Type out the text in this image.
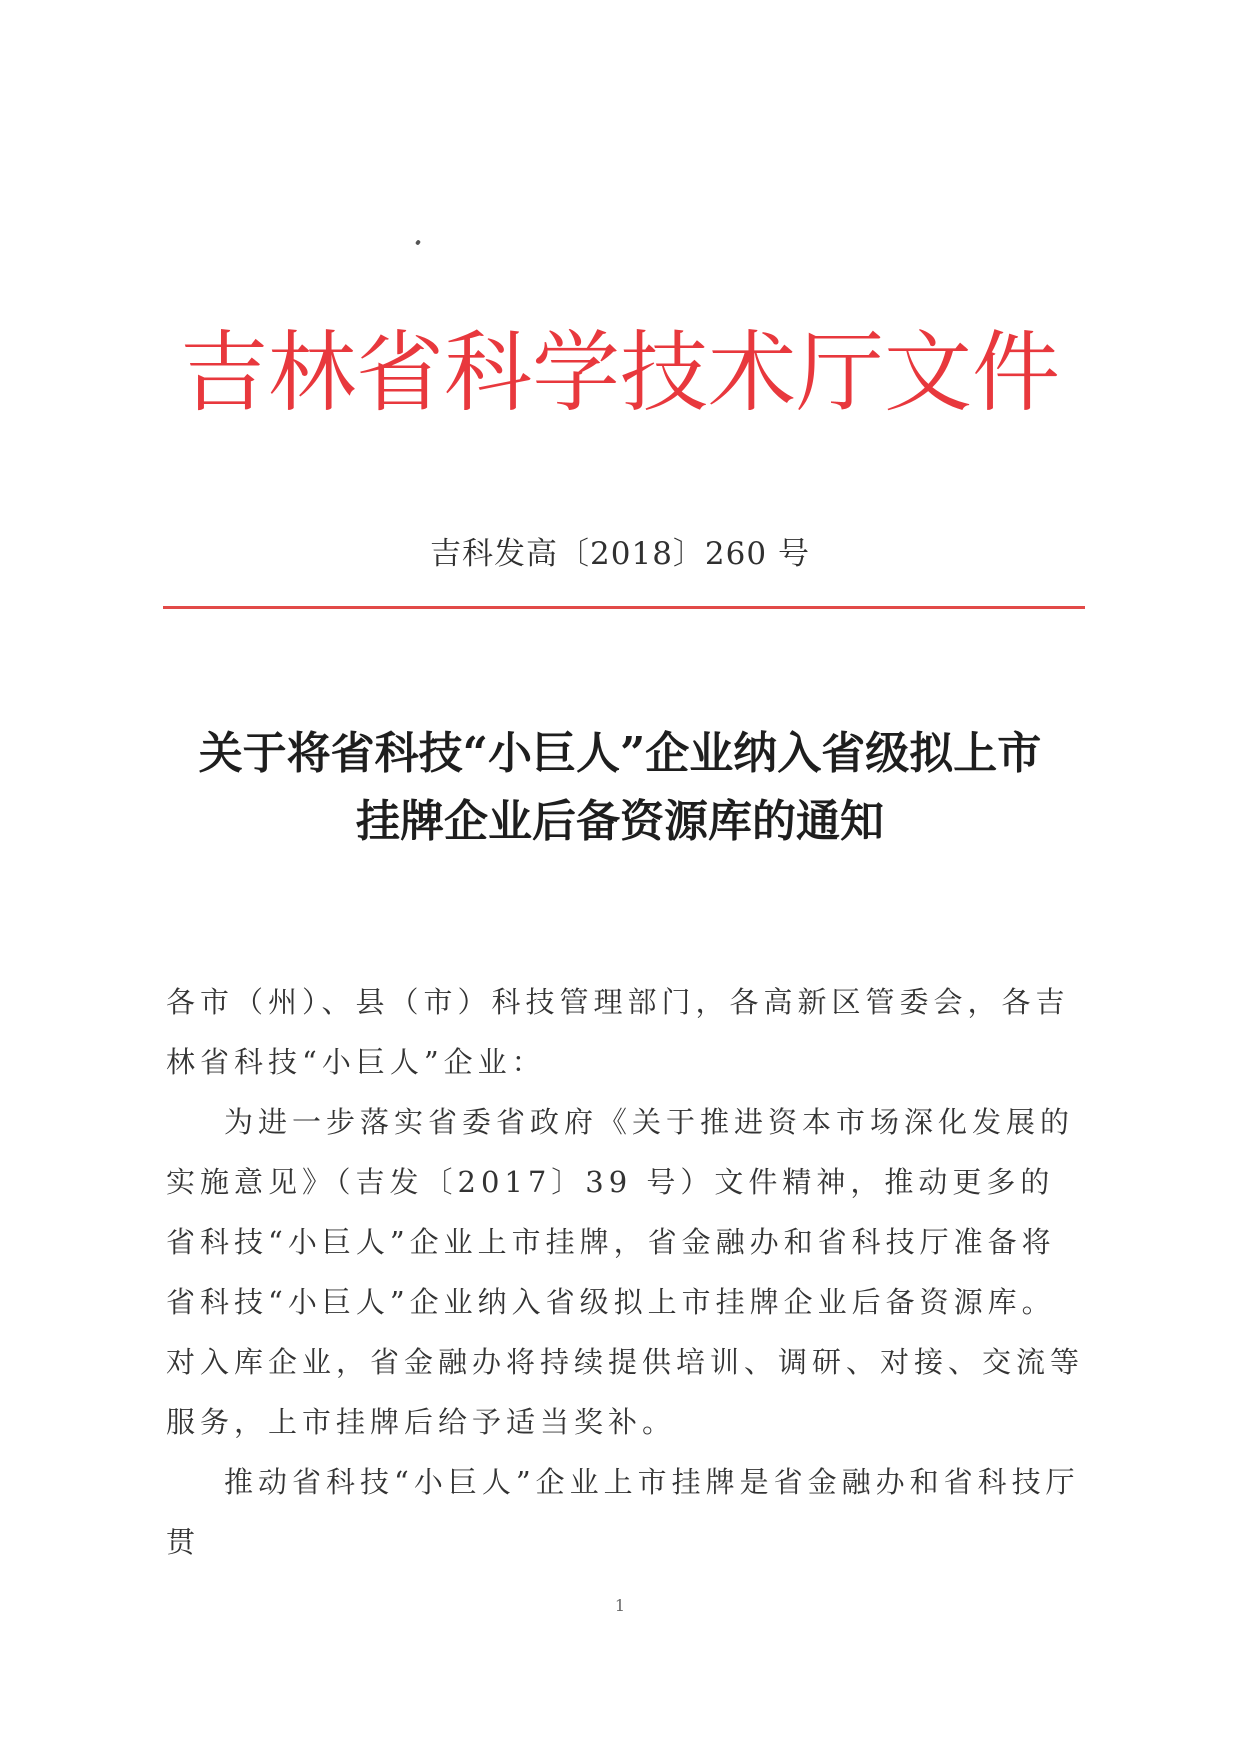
吉林省科学技术厅文件
吉科发高〔2018〕260 号
关于将省科技“小巨人”企业纳入省级拟上市
挂牌企业后备资源库的通知

各市（州）、县（市）科技管理部门，各高新区管委会，各吉林省科技“小巨人”企业：

为进一步落实省委省政府《关于推进资本市场深化发展的实施意见》（吉发〔2017〕39 号）文件精神，推动更多的省科技“小巨人”企业上市挂牌，省金融办和省科技厅准备将省科技“小巨人”企业纳入省级拟上市挂牌企业后备资源库。对入库企业，省金融办将持续提供培训、调研、对接、交流等服务，上市挂牌后给予适当奖补。

推动省科技“小巨人”企业上市挂牌是省金融办和省科技厅贯

1
